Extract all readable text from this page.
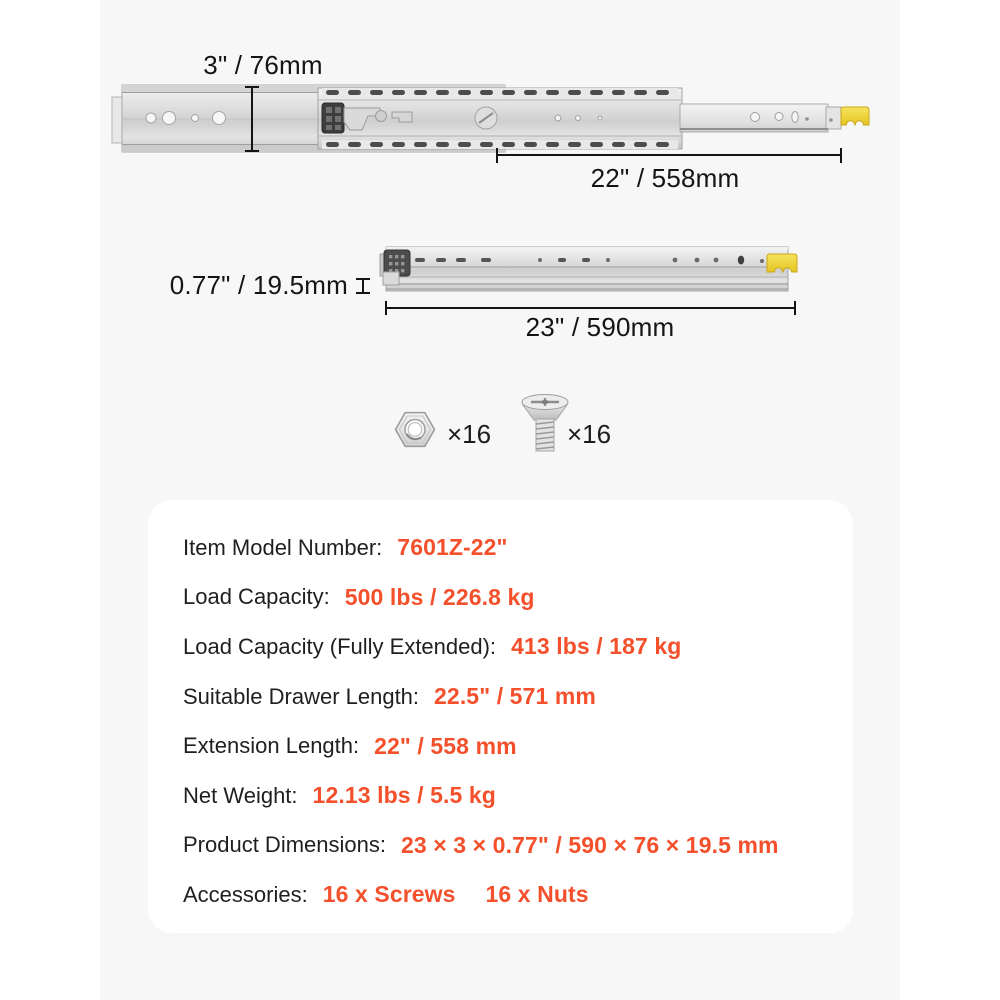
3" / 76mm
22" / 558mm
0.77" / 19.5mm
23" / 590mm
×16	×16
Item Model Number: 7601Z-22"
Load Capacity: 500 lbs / 226.8 kg
Load Capacity (Fully Extended): 413 lbs / 187 kg
Suitable Drawer Length: 22.5" / 571 mm
Extension Length: 22" / 558 mm
Net Weight: 12.13 lbs / 5.5 kg
Product Dimensions: 23 × 3 × 0.77" / 590 × 76 × 19.5 mm
Accessories: 16 x Screws 16 x Nuts
